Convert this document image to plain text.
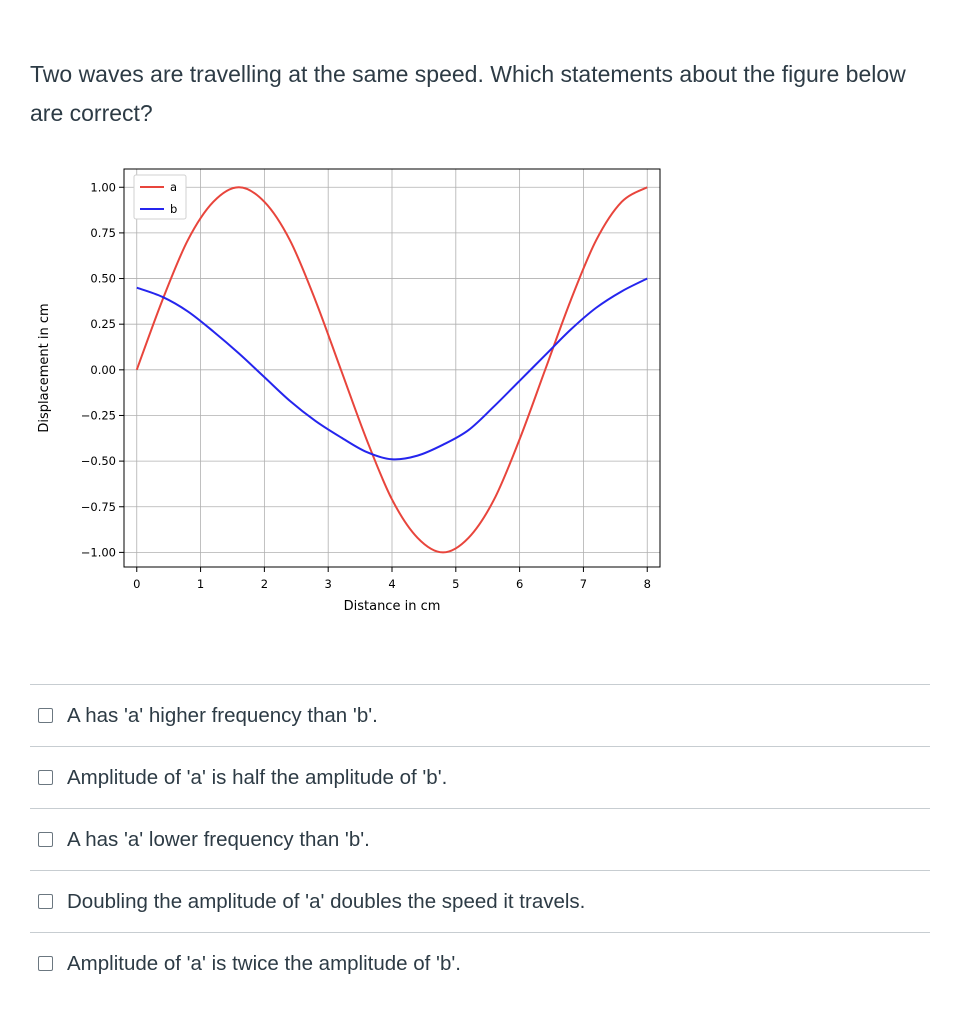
Two waves are travelling at the same speed. Which statements about the figure below are correct?

0	1	2	3	4	5	6	7	8
1.00
0.75
0.50
0.25
0.00
−0.25
−0.50
−0.75
−1.00
Distance in cm
Displacement in cm
a
b
A has 'a' higher frequency than 'b'.
Amplitude of 'a' is half the amplitude of 'b'.
A has 'a' lower frequency than 'b'.
Doubling the amplitude of 'a' doubles the speed it travels.
Amplitude of 'a' is twice the amplitude of 'b'.
